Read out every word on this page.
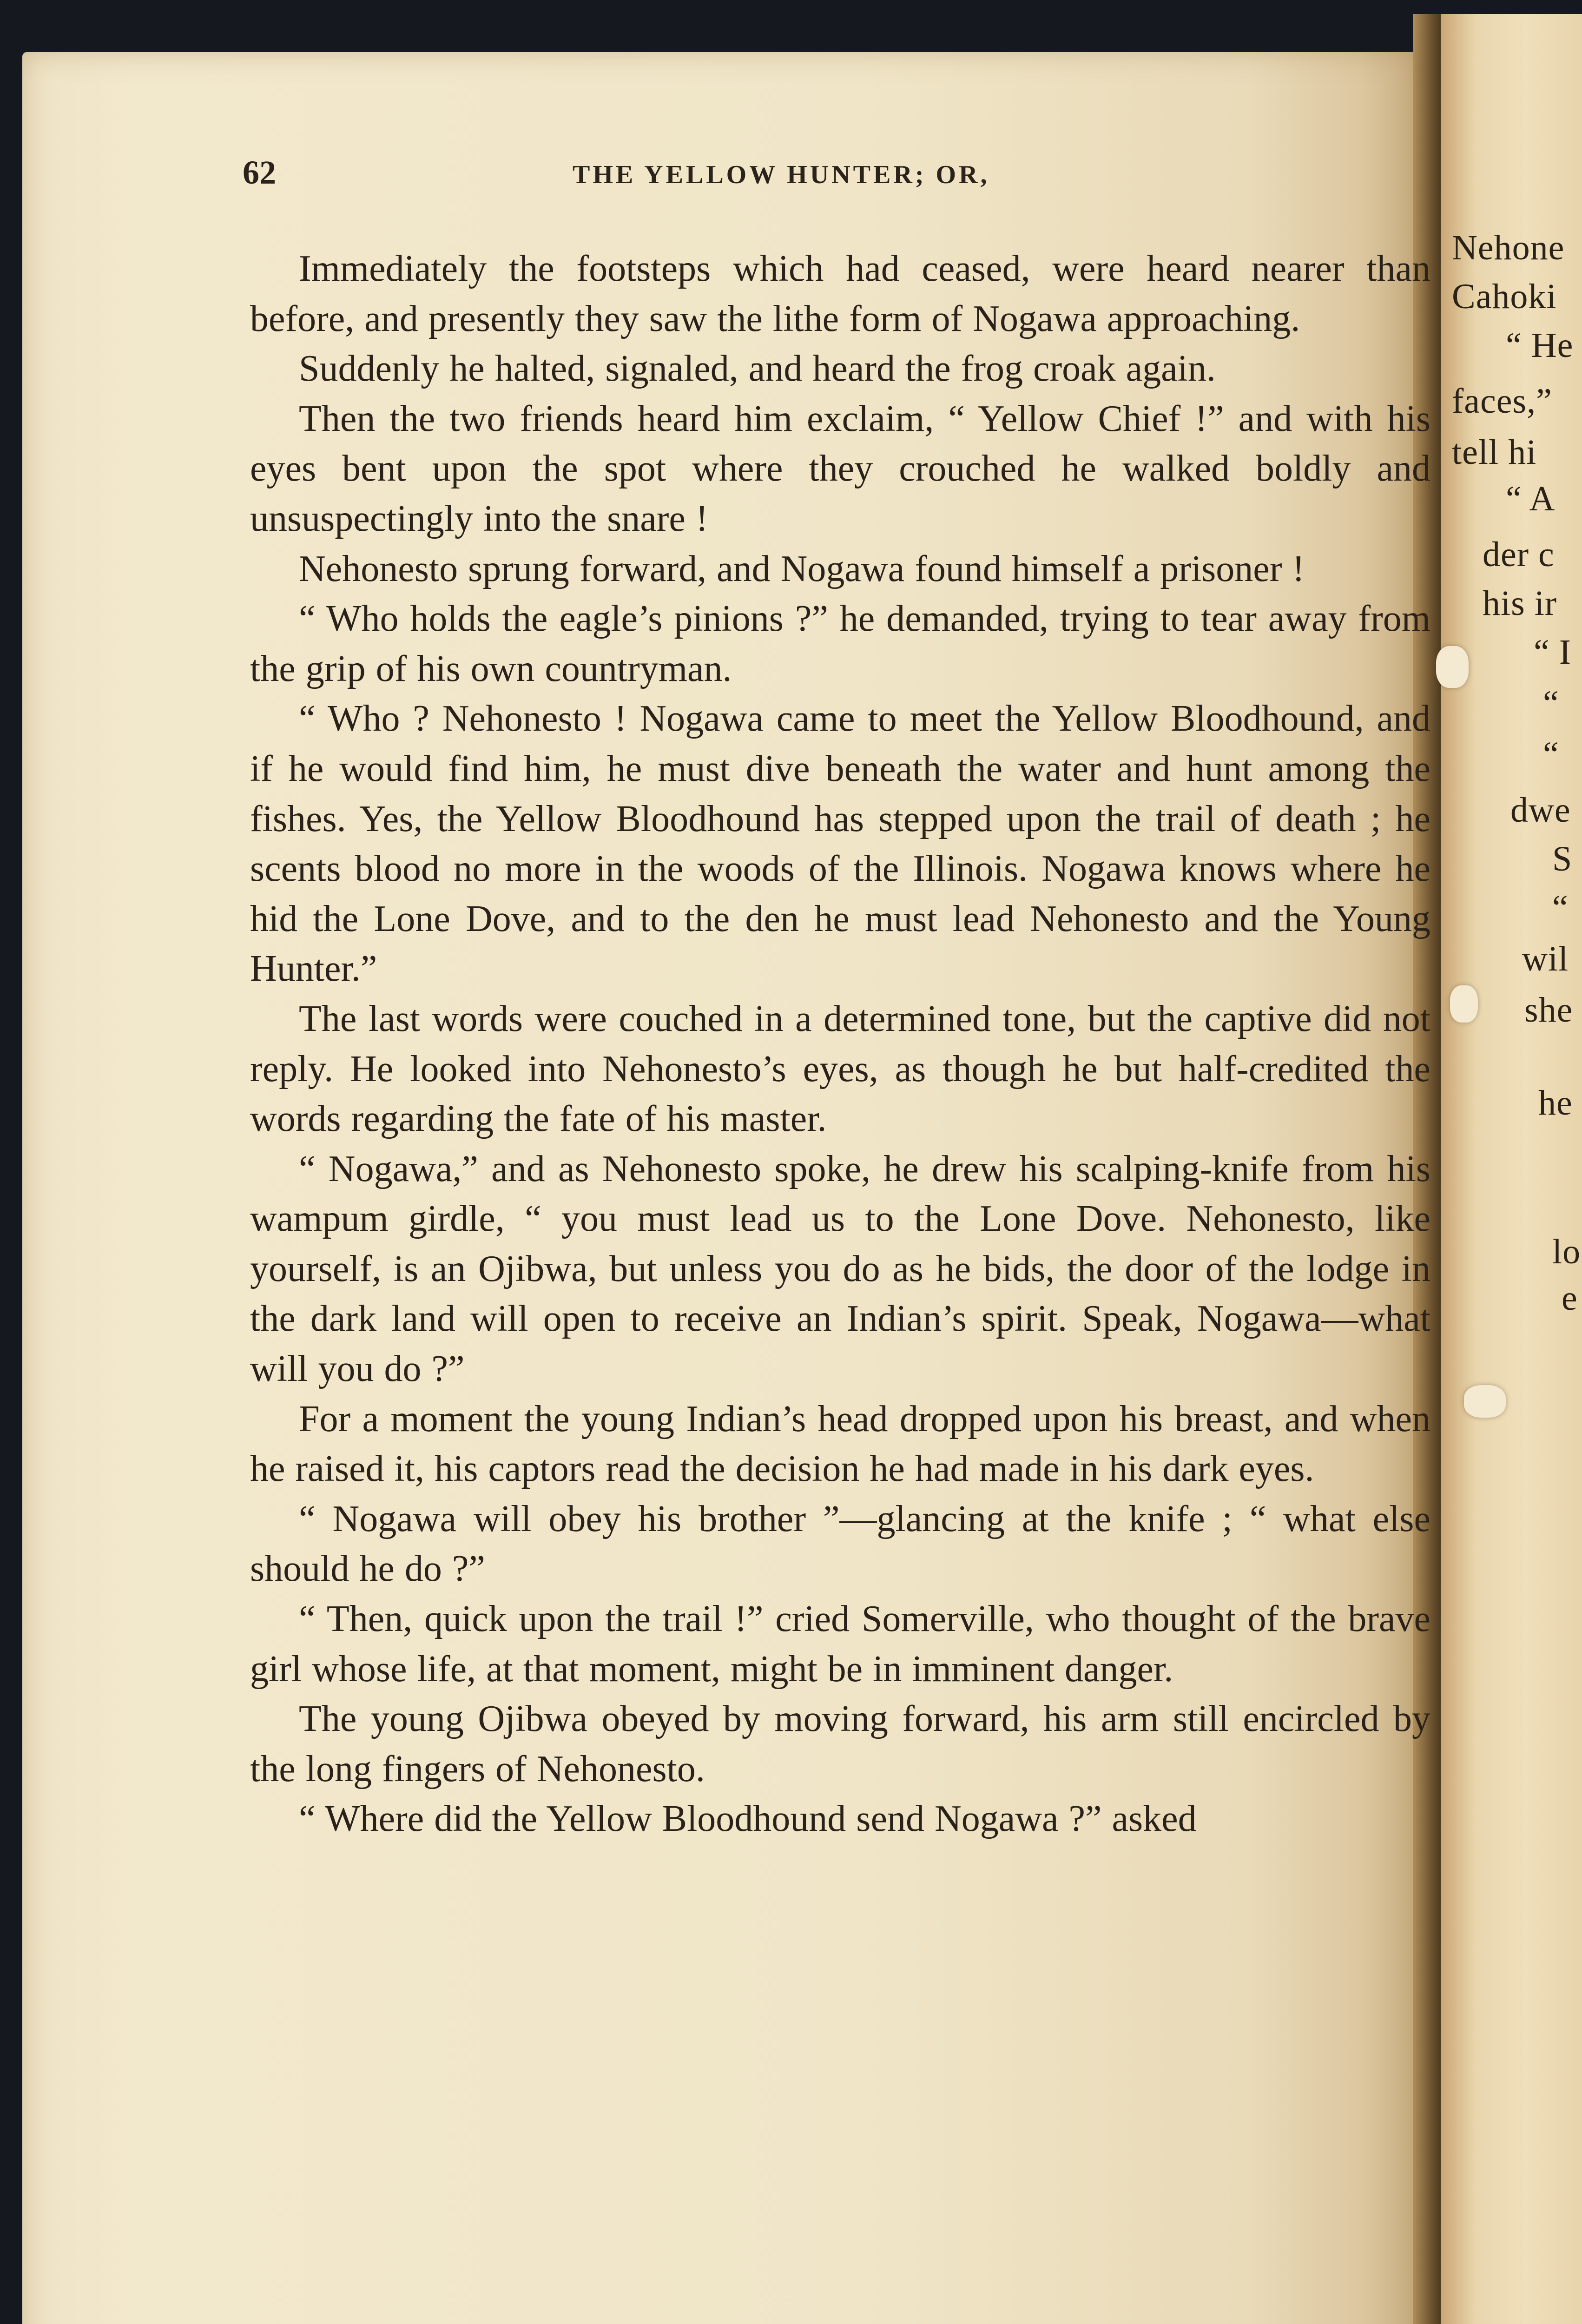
Nehone
Cahoki
“ He
faces,”
tell hi
“ A
der c
his ir
“ I
“
“
dwe
S
“
wil
she
he
lo
e
62	THE YELLOW HUNTER; OR,

Immediately the footsteps which had ceased, were heard nearer than before, and presently they saw the lithe form of Nogawa approaching.

Suddenly he halted, signaled, and heard the frog croak again.

Then the two friends heard him exclaim, “ Yellow Chief !” and with his eyes bent upon the spot where they crouched he walked boldly and unsuspectingly into the snare !

Nehonesto sprung forward, and Nogawa found himself a prisoner !

“ Who holds the eagle’s pinions ?” he demanded, trying to tear away from the grip of his own countryman.

“ Who ? Nehonesto ! Nogawa came to meet the Yellow Bloodhound, and if he would find him, he must dive beneath the water and hunt among the fishes. Yes, the Yellow Bloodhound has stepped upon the trail of death ; he scents blood no more in the woods of the Illinois. Nogawa knows where he hid the Lone Dove, and to the den he must lead Nehonesto and the Young Hunter.”

The last words were couched in a determined tone, but the captive did not reply. He looked into Nehonesto’s eyes, as though he but half-credited the words regarding the fate of his master.

“ Nogawa,” and as Nehonesto spoke, he drew his scalping-knife from his wampum girdle, “ you must lead us to the Lone Dove. Nehonesto, like yourself, is an Ojibwa, but unless you do as he bids, the door of the lodge in the dark land will open to receive an Indian’s spirit. Speak, Nogawa—what will you do ?”

For a moment the young Indian’s head dropped upon his breast, and when he raised it, his captors read the decision he had made in his dark eyes.

“ Nogawa will obey his brother ”—glancing at the knife ; “ what else should he do ?”

“ Then, quick upon the trail !” cried Somerville, who thought of the brave girl whose life, at that moment, might be in imminent danger.

The young Ojibwa obeyed by moving forward, his arm still encircled by the long fingers of Nehonesto.

“ Where did the Yellow Bloodhound send Nogawa ?” asked
